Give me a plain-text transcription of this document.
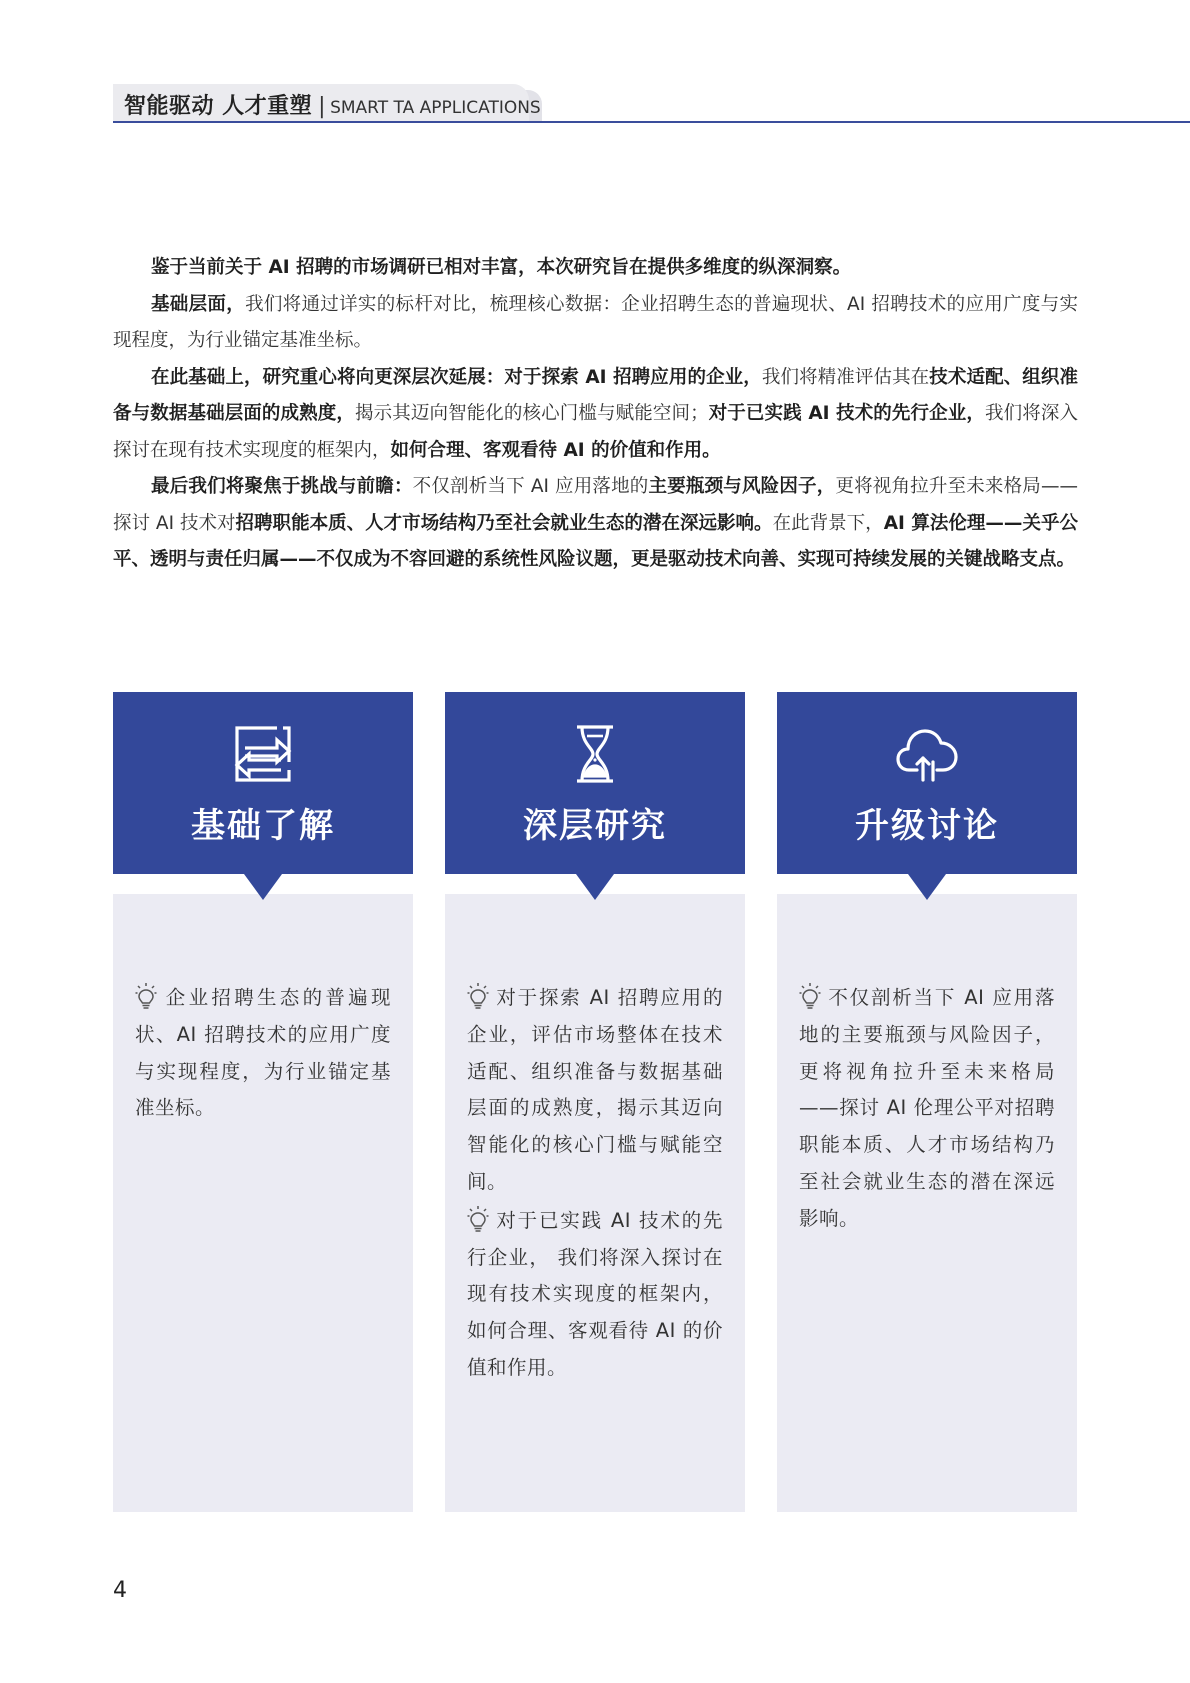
智能驱动 人才重塑 | SMART TA APPLICATIONS

鉴于当前关于 AI 招聘的市场调研已相对丰富，本次研究旨在提供多维度的纵深洞察。

基础层面，我们将通过详实的标杆对比，梳理核心数据：企业招聘生态的普遍现状、AI 招聘技术的应用广度与实现程度，为行业锚定基准坐标。

在此基础上，研究重心将向更深层次延展：对于探索 AI 招聘应用的企业，我们将精准评估其在技术适配、组织准备与数据基础层面的成熟度，揭示其迈向智能化的核心门槛与赋能空间；对于已实践 AI 技术的先行企业，我们将深入探讨在现有技术实现度的框架内，如何合理、客观看待 AI 的价值和作用。

最后我们将聚焦于挑战与前瞻：不仅剖析当下 AI 应用落地的主要瓶颈与风险因子，更将视角拉升至未来格局——探讨 AI 技术对招聘职能本质、人才市场结构乃至社会就业生态的潜在深远影响。在此背景下，AI 算法伦理——关乎公平、透明与责任归属——不仅成为不容回避的系统性风险议题，更是驱动技术向善、实现可持续发展的关键战略支点。

基础了解
企业招聘生态的普遍现状、AI 招聘技术的应用广度与实现程度，为行业锚定基准坐标。
深层研究
对于探索 AI 招聘应用的企业，评估市场整体在技术适配、组织准备与数据基础层面的成熟度，揭示其迈向智能化的核心门槛与赋能空间。
对于已实践 AI 技术的先行企业， 我们将深入探讨在现有技术实现度的框架内，如何合理、客观看待 AI 的价值和作用。
升级讨论
不仅剖析当下 AI 应用落地的主要瓶颈与风险因子，更将视角拉升至未来格局——探讨 AI 伦理公平对招聘职能本质、人才市场结构乃至社会就业生态的潜在深远影响。
4
